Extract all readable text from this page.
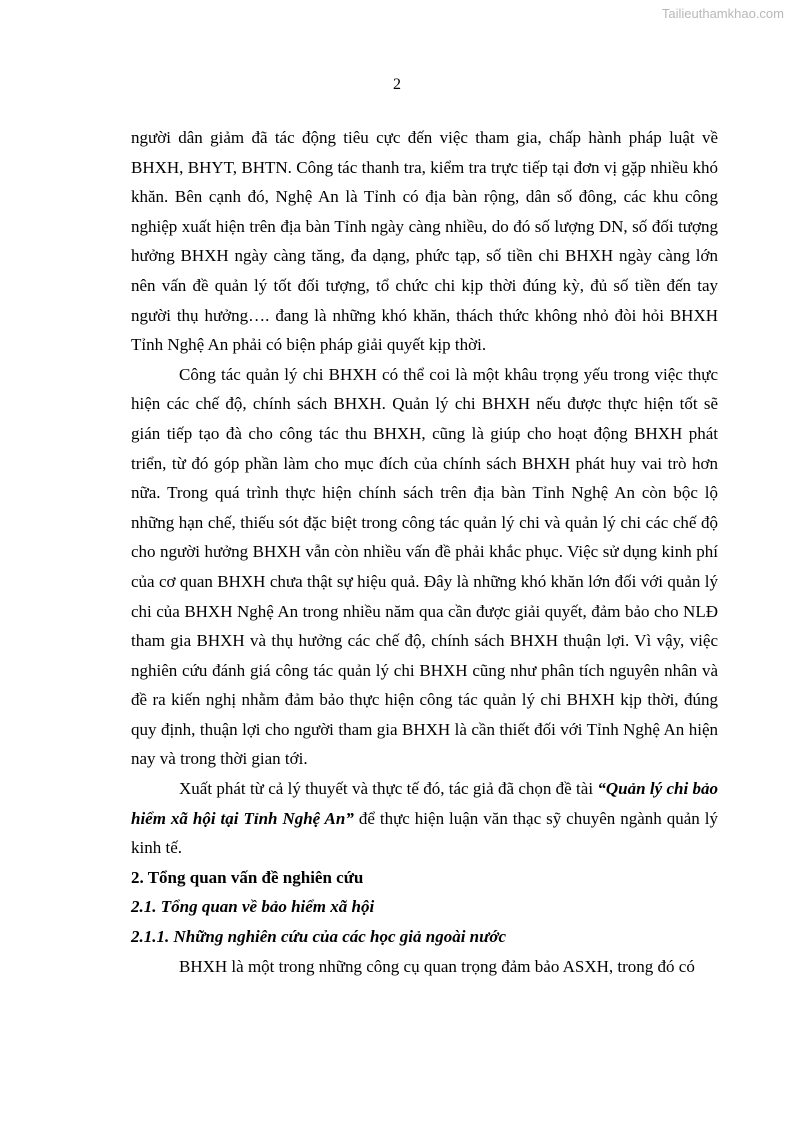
Tailieuthamkhao.com
2

người dân giảm đã tác động tiêu cực đến việc tham gia, chấp hành pháp luật về BHXH, BHYT, BHTN. Công tác thanh tra, kiểm tra trực tiếp tại đơn vị gặp nhiều khó khăn. Bên cạnh đó, Nghệ An là Tỉnh có địa bàn rộng, dân số đông, các khu công nghiệp xuất hiện trên địa bàn Tỉnh ngày càng nhiều, do đó số lượng DN, số đối tượng hưởng BHXH ngày càng tăng, đa dạng, phức tạp, số tiền chi BHXH ngày càng lớn nên vấn đề quản lý tốt đối tượng, tổ chức chi kịp thời đúng kỳ, đủ số tiền đến tay người thụ hưởng…. đang là những khó khăn, thách thức không nhỏ đòi hỏi BHXH Tỉnh Nghệ An phải có biện pháp giải quyết kịp thời.

Công tác quản lý chi BHXH có thể coi là một khâu trọng yếu trong việc thực hiện các chế độ, chính sách BHXH. Quản lý chi BHXH nếu được thực hiện tốt sẽ gián tiếp tạo đà cho công tác thu BHXH, cũng là giúp cho hoạt động BHXH phát triển, từ đó góp phần làm cho mục đích của chính sách BHXH phát huy vai trò hơn nữa. Trong quá trình thực hiện chính sách trên địa bàn Tỉnh Nghệ An còn bộc lộ những hạn chế, thiếu sót đặc biệt trong công tác quản lý chi và quản lý chi các chế độ cho người hưởng BHXH vẫn còn nhiều vấn đề phải khắc phục. Việc sử dụng kinh phí của cơ quan BHXH chưa thật sự hiệu quả. Đây là những khó khăn lớn đối với quản lý chi của BHXH Nghệ An trong nhiều năm qua cần được giải quyết, đảm bảo cho NLĐ tham gia BHXH và thụ hưởng các chế độ, chính sách BHXH thuận lợi. Vì vậy, việc nghiên cứu đánh giá công tác quản lý chi BHXH cũng như phân tích nguyên nhân và đề ra kiến nghị nhằm đảm bảo thực hiện công tác quản lý chi BHXH kịp thời, đúng quy định, thuận lợi cho người tham gia BHXH là cần thiết đối với Tỉnh Nghệ An hiện nay và trong thời gian tới.

Xuất phát từ cả lý thuyết và thực tế đó, tác giả đã chọn đề tài “Quản lý chi bảo hiểm xã hội tại Tỉnh Nghệ An” để thực hiện luận văn thạc sỹ chuyên ngành quản lý kinh tế.

2. Tổng quan vấn đề nghiên cứu

2.1. Tổng quan về bảo hiểm xã hội

2.1.1. Những nghiên cứu của các học giả ngoài nước

BHXH là một trong những công cụ quan trọng đảm bảo ASXH, trong đó có
